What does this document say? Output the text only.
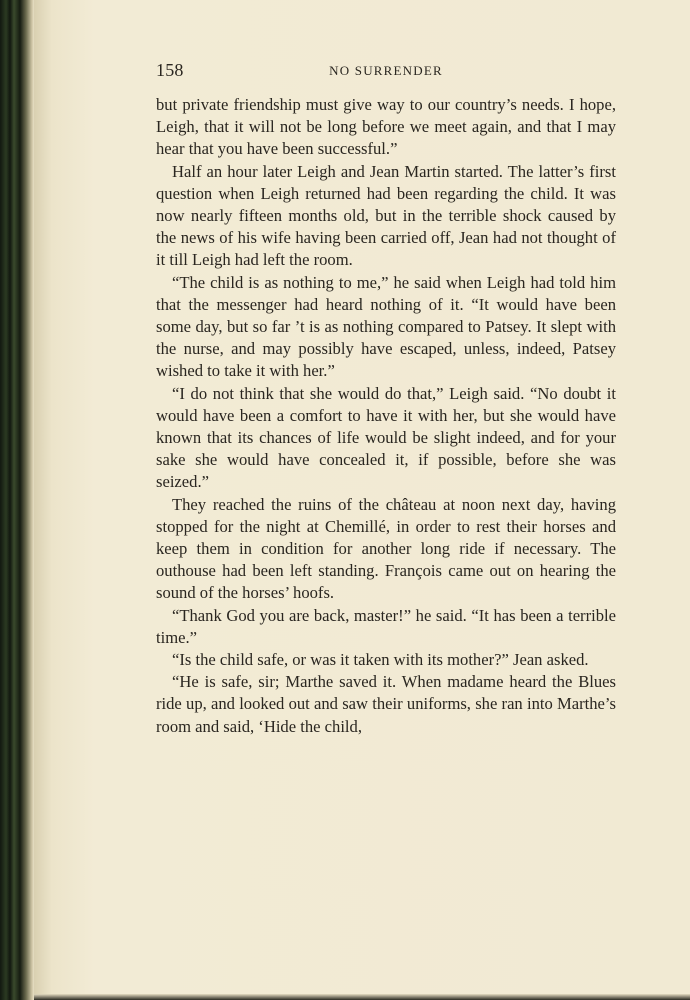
158	NO SURRENDER

but private friendship must give way to our country’s needs. I hope, Leigh, that it will not be long before we meet again, and that I may hear that you have been successful.”

Half an hour later Leigh and Jean Martin started. The latter’s first question when Leigh returned had been regarding the child. It was now nearly fifteen months old, but in the terrible shock caused by the news of his wife having been carried off, Jean had not thought of it till Leigh had left the room.

“The child is as nothing to me,” he said when Leigh had told him that the messenger had heard nothing of it. “It would have been some day, but so far ’t is as nothing compared to Patsey. It slept with the nurse, and may possibly have escaped, unless, indeed, Patsey wished to take it with her.”

“I do not think that she would do that,” Leigh said. “No doubt it would have been a comfort to have it with her, but she would have known that its chances of life would be slight indeed, and for your sake she would have concealed it, if possible, before she was seized.”

They reached the ruins of the château at noon next day, having stopped for the night at Chemillé, in order to rest their horses and keep them in condition for another long ride if necessary. The outhouse had been left standing. François came out on hearing the sound of the horses’ hoofs.

“Thank God you are back, master!” he said. “It has been a terrible time.”

“Is the child safe, or was it taken with its mother?” Jean asked.

“He is safe, sir; Marthe saved it. When madame heard the Blues ride up, and looked out and saw their uniforms, she ran into Marthe’s room and said, ‘Hide the child,
